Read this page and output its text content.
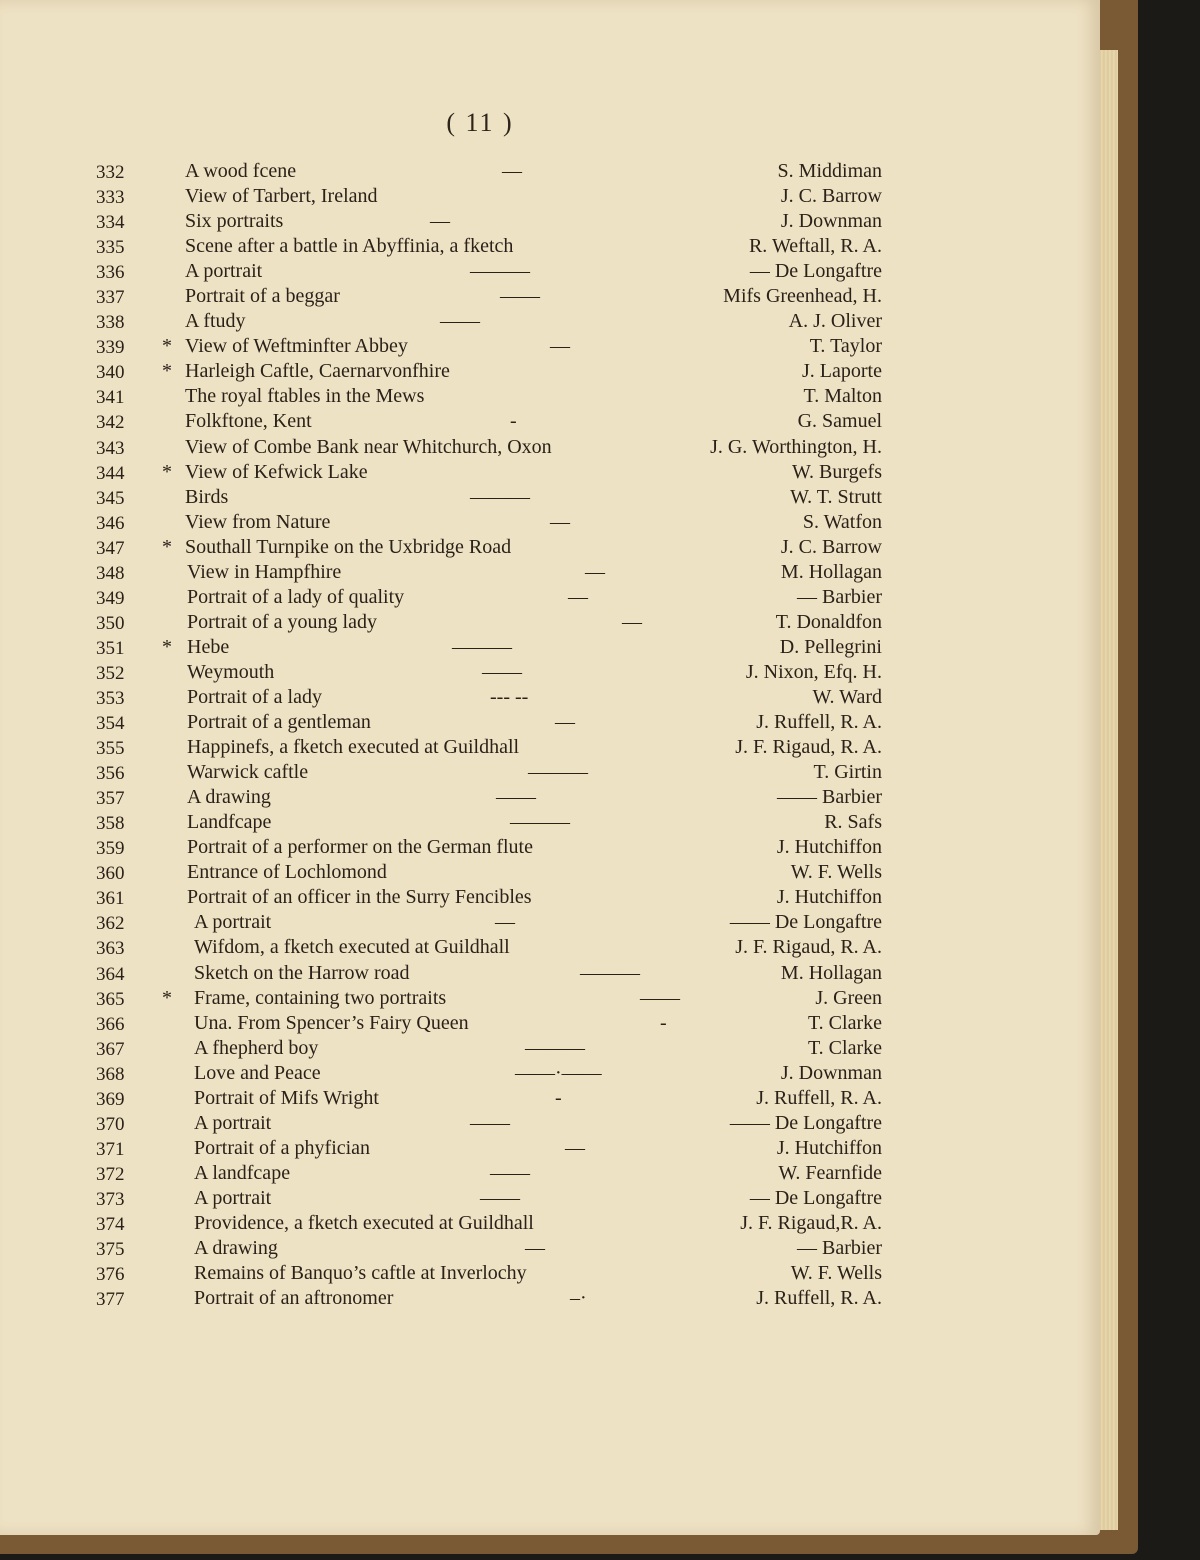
( 11 )
332	A wood fcene	—	S. Middiman
333	View of Tarbert, Ireland	J. C. Barrow
334	Six portraits	—	J. Downman
335	Scene after a battle in Abyffinia, a fketch	R. Weftall, R. A.
336	A portrait	———	— De Longaftre
337	Portrait of a beggar	——	Mifs Greenhead, H.
338	A ftudy	——	A. J. Oliver
339 * View of Weftminfter Abbey	—	T. Taylor
340 * Harleigh Caftle, Caernarvonfhire	J. Laporte
341	The royal ftables in the Mews	T. Malton
342	Folkftone, Kent	-	G. Samuel
343	View of Combe Bank near Whitchurch, Oxon	J. G. Worthington, H.
344 * View of Kefwick Lake	W. Burgefs
345	Birds	———	W. T. Strutt
346	View from Nature	—	S. Watfon
347 * Southall Turnpike on the Uxbridge Road	J. C. Barrow
348	View in Hampfhire	—	M. Hollagan
349	Portrait of a lady of quality	—	— Barbier
350	Portrait of a young lady	—	T. Donaldfon
351 * Hebe	———	D. Pellegrini
352	Weymouth	——	J. Nixon, Efq. H.
353	Portrait of a lady	--- --	W. Ward
354	Portrait of a gentleman	—	J. Ruffell, R. A.
355	Happinefs, a fketch executed at Guildhall	J. F. Rigaud, R. A.
356	Warwick caftle	———	T. Girtin
357	A drawing	——	—— Barbier
358	Landfcape	———	R. Safs
359	Portrait of a performer on the German flute	J. Hutchiffon
360	Entrance of Lochlomond	W. F. Wells
361	Portrait of an officer in the Surry Fencibles	J. Hutchiffon
362	A portrait	—	—— De Longaftre
363	Wifdom, a fketch executed at Guildhall	J. F. Rigaud, R. A.
364	Sketch on the Harrow road	———	M. Hollagan
365 * Frame, containing two portraits	——	J. Green
366	Una. From Spencer’s Fairy Queen	-	T. Clarke
367	A fhepherd boy	———	T. Clarke
368	Love and Peace	——·——	J. Downman
369	Portrait of Mifs Wright	-	J. Ruffell, R. A.
370	A portrait	——	—— De Longaftre
371	Portrait of a phyfician	—	J. Hutchiffon
372	A landfcape	——	W. Fearnfide
373	A portrait	——	— De Longaftre
374	Providence, a fketch executed at Guildhall	J. F. Rigaud,R. A.
375	A drawing	—	— Barbier
376	Remains of Banquo’s caftle at Inverlochy	W. F. Wells
377	Portrait of an aftronomer	–·	J. Ruffell, R. A.
